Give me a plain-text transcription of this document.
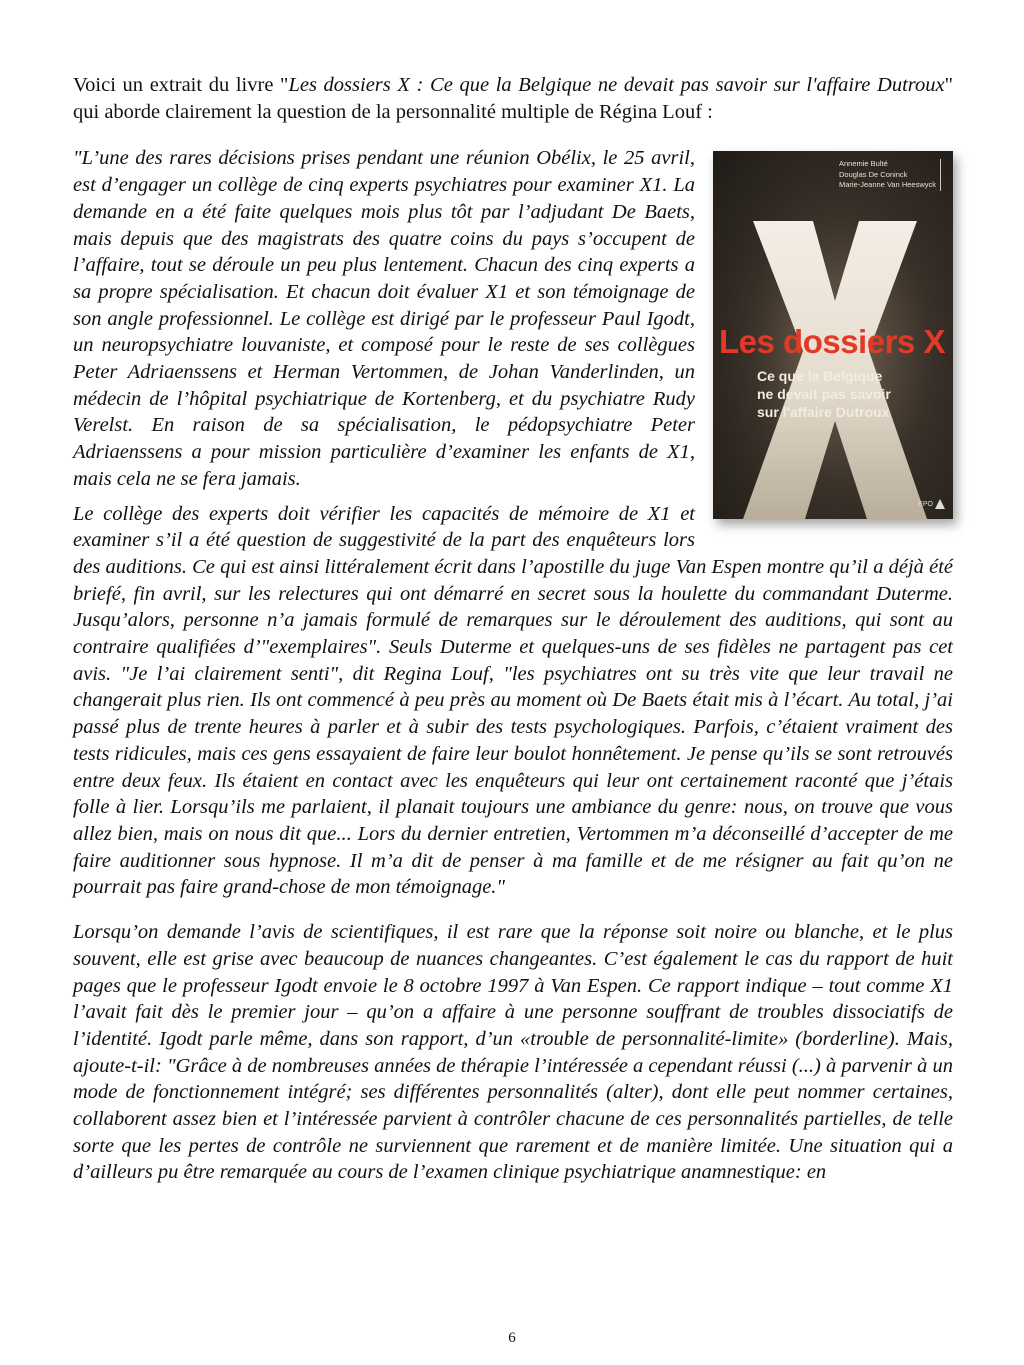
Voici un extrait du livre "Les dossiers X : Ce que la Belgique ne devait pas savoir sur l'affaire Dutroux" qui aborde clairement la question de la personnalité multiple de Régina Louf :

Annemie Bulté
Douglas De Coninck
Marie-Jeanne Van Heeswyck
Les dossiers X
Ce que la Belgique
ne devait pas savoir
sur l'affaire Dutroux
EPO

"L’une des rares décisions prises pendant une réunion Obélix, le 25 avril, est d’engager un collège de cinq experts psychiatres pour examiner X1. La demande en a été faite quelques mois plus tôt par l’adjudant De Baets, mais depuis que des magistrats des quatre coins du pays s’occupent de l’affaire, tout se déroule un peu plus lentement. Chacun des cinq experts a sa propre spécialisation. Et chacun doit évaluer X1 et son témoignage de son angle professionnel. Le collège est dirigé par le professeur Paul Igodt, un neuropsychiatre louvaniste, et composé pour le reste de ses collègues Peter Adriaenssens et Herman Vertommen, de Johan Vanderlinden, un médecin de l’hôpital psychiatrique de Kortenberg, et du psychiatre Rudy Verelst. En raison de sa spécialisation, le pédopsychiatre Peter Adriaenssens a pour mission particulière d’examiner les enfants de X1, mais cela ne se fera jamais.

Le collège des experts doit vérifier les capacités de mémoire de X1 et examiner s’il a été question de suggestivité de la part des enquêteurs lors des auditions. Ce qui est ainsi littéralement écrit dans l’apostille du juge Van Espen montre qu’il a déjà été briefé, fin avril, sur les relectures qui ont démarré en secret sous la houlette du commandant Duterme. Jusqu’alors, personne n’a jamais formulé de remarques sur le déroulement des auditions, qui sont au contraire qualifiées d’"exemplaires". Seuls Duterme et quelques-uns de ses fidèles ne partagent pas cet avis. "Je l’ai clairement senti", dit Regina Louf, "les psychiatres ont su très vite que leur travail ne changerait plus rien. Ils ont commencé à peu près au moment où De Baets était mis à l’écart. Au total, j’ai passé plus de trente heures à parler et à subir des tests psychologiques. Parfois, c’étaient vraiment des tests ridicules, mais ces gens essayaient de faire leur boulot honnêtement. Je pense qu’ils se sont retrouvés entre deux feux. Ils étaient en contact avec les enquêteurs qui leur ont certainement raconté que j’étais folle à lier. Lorsqu’ils me parlaient, il planait toujours une ambiance du genre: nous, on trouve que vous allez bien, mais on nous dit que... Lors du dernier entretien, Vertommen m’a déconseillé d’accepter de me faire auditionner sous hypnose. Il m’a dit de penser à ma famille et de me résigner au fait qu’on ne pourrait pas faire grand-chose de mon témoignage."

Lorsqu’on demande l’avis de scientifiques, il est rare que la réponse soit noire ou blanche, et le plus souvent, elle est grise avec beaucoup de nuances changeantes. C’est également le cas du rapport de huit pages que le professeur Igodt envoie le 8 octobre 1997 à Van Espen. Ce rapport indique – tout comme X1 l’avait fait dès le premier jour – qu’on a affaire à une personne souffrant de troubles dissociatifs de l’identité. Igodt parle même, dans son rapport, d’un «trouble de personnalité-limite» (borderline). Mais, ajoute-t-il: "Grâce à de nombreuses années de thérapie l’intéressée a cependant réussi (...) à parvenir à un mode de fonctionnement intégré; ses différentes personnalités (alter), dont elle peut nommer certaines, collaborent assez bien et l’intéressée parvient à contrôler chacune de ces personnalités partielles, de telle sorte que les pertes de contrôle ne surviennent que rarement et de manière limitée. Une situation qui a d’ailleurs pu être remarquée au cours de l’examen clinique psychiatrique anamnestique: en

6
